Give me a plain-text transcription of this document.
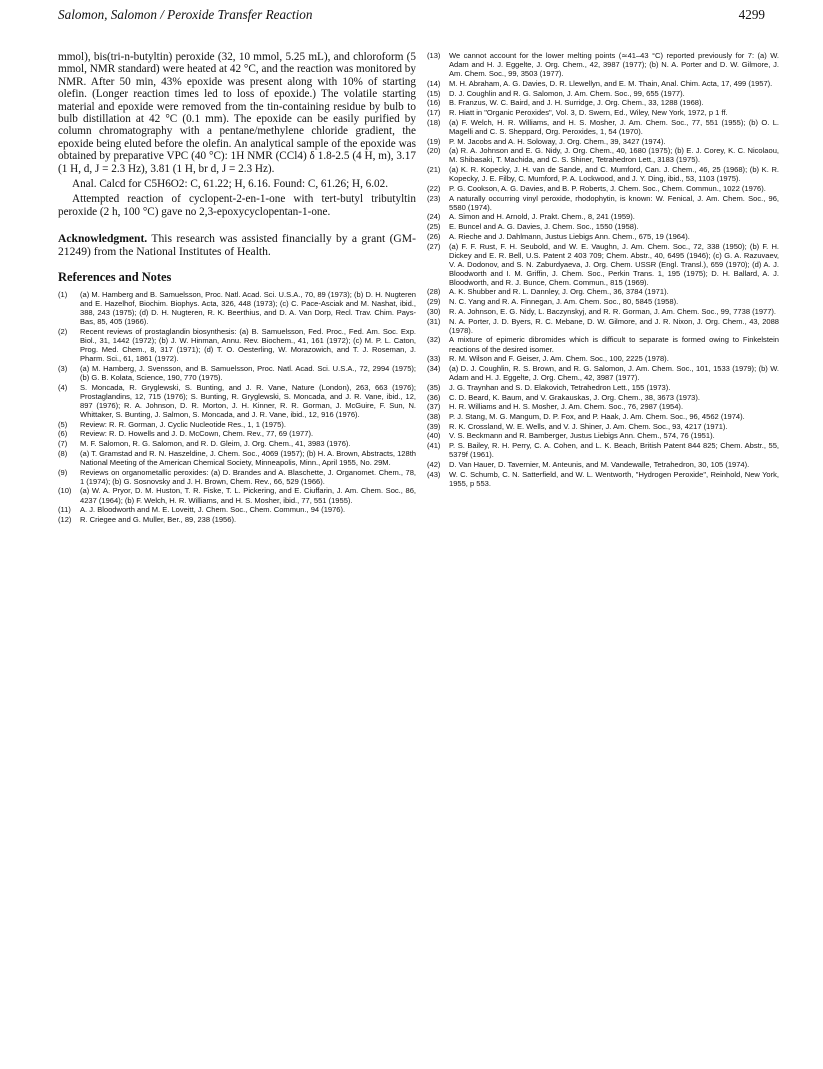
Salomon, Salomon / Peroxide Transfer Reaction	4299

mmol), bis(tri-n-butyltin) peroxide (32, 10 mmol, 5.25 mL), and chloroform (5 mmol, NMR standard) were heated at 42 °C, and the reaction was monitored by NMR. After 50 min, 43% epoxide was present along with 10% of starting olefin. (Longer reaction times led to loss of epoxide.) The volatile starting material and epoxide were removed from the tin-containing residue by bulb to bulb distillation at 42 °C (0.1 mm). The epoxide can be easily purified by column chromatography with a pentane/methylene chloride gradient, the epoxide being eluted before the olefin. An analytical sample of the epoxide was obtained by preparative VPC (40 °C): 1H NMR (CCl4) δ 1.8-2.5 (4 H, m), 3.17 (1 H, d, J = 2.3 Hz), 3.81 (1 H, br d, J = 2.3 Hz).

Anal. Calcd for C5H6O2: C, 61.22; H, 6.16. Found: C, 61.26; H, 6.02.

Attempted reaction of cyclopent-2-en-1-one with tert-butyl tributyltin peroxide (2 h, 100 °C) gave no 2,3-epoxycyclopentan-1-one.

Acknowledgment. This research was assisted financially by a grant (GM-21249) from the National Institutes of Health.

References and Notes
(1)	(a) M. Hamberg and B. Samuelsson, Proc. Natl. Acad. Sci. U.S.A., 70, 89 (1973); (b) D. H. Nugteren and E. Hazelhof, Biochim. Biophys. Acta, 326, 448 (1973); (c) C. Pace-Asciak and M. Nashat, ibid., 388, 243 (1975); (d) D. H. Nugteren, R. K. Beerthius, and D. A. Van Dorp, Recl. Trav. Chim. Pays-Bas, 85, 405 (1966).
(2)	Recent reviews of prostaglandin biosynthesis: (a) B. Samuelsson, Fed. Proc., Fed. Am. Soc. Exp. Biol., 31, 1442 (1972); (b) J. W. Hinman, Annu. Rev. Biochem., 41, 161 (1972); (c) M. P. L. Caton, Prog. Med. Chem., 8, 317 (1971); (d) T. O. Oesterling, W. Morazowich, and T. J. Roseman, J. Pharm. Sci., 61, 1861 (1972).
(3)	(a) M. Hamberg, J. Svensson, and B. Samuelsson, Proc. Natl. Acad. Sci. U.S.A., 72, 2994 (1975); (b) G. B. Kolata, Science, 190, 770 (1975).
(4)	S. Moncada, R. Gryglewski, S. Bunting, and J. R. Vane, Nature (London), 263, 663 (1976); Prostaglandins, 12, 715 (1976); S. Bunting, R. Gryglewski, S. Moncada, and J. R. Vane, ibid., 12, 897 (1976); R. A. Johnson, D. R. Morton, J. H. Kinner, R. R. Gorman, J. McGuire, F. Sun, N. Whittaker, S. Bunting, J. Salmon, S. Moncada, and J. R. Vane, ibid., 12, 916 (1976).
(5)	Review: R. R. Gorman, J. Cyclic Nucleotide Res., 1, 1 (1975).
(6)	Review: R. D. Howells and J. D. McCown, Chem. Rev., 77, 69 (1977).
(7)	M. F. Salomon, R. G. Salomon, and R. D. Gleim, J. Org. Chem., 41, 3983 (1976).
(8)	(a) T. Gramstad and R. N. Haszeldine, J. Chem. Soc., 4069 (1957); (b) H. A. Brown, Abstracts, 128th National Meeting of the American Chemical Society, Minneapolis, Minn., April 1955, No. 29M.
(9)	Reviews on organometallic peroxides: (a) D. Brandes and A. Blaschette, J. Organomet. Chem., 78, 1 (1974); (b) G. Sosnovsky and J. H. Brown, Chem. Rev., 66, 529 (1966).
(10)	(a) W. A. Pryor, D. M. Huston, T. R. Fiske, T. L. Pickering, and E. Ciuffarin, J. Am. Chem. Soc., 86, 4237 (1964); (b) F. Welch, H. R. Williams, and H. S. Mosher, ibid., 77, 551 (1955).
(11)	A. J. Bloodworth and M. E. Loveitt, J. Chem. Soc., Chem. Commun., 94 (1976).
(12)	R. Criegee and G. Muller, Ber., 89, 238 (1956).
(13)	We cannot account for the lower melting points (≃41–43 °C) reported previously for 7: (a) W. Adam and H. J. Eggelte, J. Org. Chem., 42, 3987 (1977); (b) N. A. Porter and D. W. Gilmore, J. Am. Chem. Soc., 99, 3503 (1977).
(14)	M. H. Abraham, A. G. Davies, D. R. Llewellyn, and E. M. Thain, Anal. Chim. Acta, 17, 499 (1957).
(15)	D. J. Coughlin and R. G. Salomon, J. Am. Chem. Soc., 99, 655 (1977).
(16)	B. Franzus, W. C. Baird, and J. H. Surridge, J. Org. Chem., 33, 1288 (1968).
(17)	R. Hiatt in "Organic Peroxides", Vol. 3, D. Swern, Ed., Wiley, New York, 1972, p 1 ff.
(18)	(a) F. Welch, H. R. Williams, and H. S. Mosher, J. Am. Chem. Soc., 77, 551 (1955); (b) O. L. Magelli and C. S. Sheppard, Org. Peroxides, 1, 54 (1970).
(19)	P. M. Jacobs and A. H. Soloway, J. Org. Chem., 39, 3427 (1974).
(20)	(a) R. A. Johnson and E. G. Nidy, J. Org. Chem., 40, 1680 (1975); (b) E. J. Corey, K. C. Nicolaou, M. Shibasaki, T. Machida, and C. S. Shiner, Tetrahedron Lett., 3183 (1975).
(21)	(a) K. R. Kopecky, J. H. van de Sande, and C. Mumford, Can. J. Chem., 46, 25 (1968); (b) K. R. Kopecky, J. E. Filby, C. Mumford, P. A. Lockwood, and J. Y. Ding, ibid., 53, 1103 (1975).
(22)	P. G. Cookson, A. G. Davies, and B. P. Roberts, J. Chem. Soc., Chem. Commun., 1022 (1976).
(23)	A naturally occurring vinyl peroxide, rhodophytin, is known: W. Fenical, J. Am. Chem. Soc., 96, 5580 (1974).
(24)	A. Simon and H. Arnold, J. Prakt. Chem., 8, 241 (1959).
(25)	E. Buncel and A. G. Davies, J. Chem. Soc., 1550 (1958).
(26)	A. Rieche and J. Dahlmann, Justus Liebigs Ann. Chem., 675, 19 (1964).
(27)	(a) F. F. Rust, F. H. Seubold, and W. E. Vaughn, J. Am. Chem. Soc., 72, 338 (1950); (b) F. H. Dickey and E. R. Bell, U.S. Patent 2 403 709; Chem. Abstr., 40, 6495 (1946); (c) G. A. Razuvaev, V. A. Dodonov, and S. N. Zaburdyaeva, J. Org. Chem. USSR (Engl. Transl.), 659 (1970); (d) A. J. Bloodworth and I. M. Griffin, J. Chem. Soc., Perkin Trans. 1, 195 (1975); D. H. Ballard, A. J. Bloodworth, and R. J. Bunce, Chem. Commun., 815 (1969).
(28)	A. K. Shubber and R. L. Dannley, J. Org. Chem., 36, 3784 (1971).
(29)	N. C. Yang and R. A. Finnegan, J. Am. Chem. Soc., 80, 5845 (1958).
(30)	R. A. Johnson, E. G. Nidy, L. Baczynskyj, and R. R. Gorman, J. Am. Chem. Soc., 99, 7738 (1977).
(31)	N. A. Porter, J. D. Byers, R. C. Mebane, D. W. Gilmore, and J. R. Nixon, J. Org. Chem., 43, 2088 (1978).
(32)	A mixture of epimeric dibromides which is difficult to separate is formed owing to Finkelstein reactions of the desired isomer.
(33)	R. M. Wilson and F. Geiser, J. Am. Chem. Soc., 100, 2225 (1978).
(34)	(a) D. J. Coughlin, R. S. Brown, and R. G. Salomon, J. Am. Chem. Soc., 101, 1533 (1979); (b) W. Adam and H. J. Eggelte, J. Org. Chem., 42, 3987 (1977).
(35)	J. G. Traynhan and S. D. Elakovich, Tetrahedron Lett., 155 (1973).
(36)	C. D. Beard, K. Baum, and V. Grakauskas, J. Org. Chem., 38, 3673 (1973).
(37)	H. R. Williams and H. S. Mosher, J. Am. Chem. Soc., 76, 2987 (1954).
(38)	P. J. Stang, M. G. Mangum, D. P. Fox, and P. Haak, J. Am. Chem. Soc., 96, 4562 (1974).
(39)	R. K. Crossland, W. E. Wells, and V. J. Shiner, J. Am. Chem. Soc., 93, 4217 (1971).
(40)	V. S. Beckmann and R. Bamberger, Justus Liebigs Ann. Chem., 574, 76 (1951).
(41)	P. S. Bailey, R. H. Perry, C. A. Cohen, and L. K. Beach, British Patent 844 825; Chem. Abstr., 55, 5379f (1961).
(42)	D. Van Hauer, D. Tavernier, M. Anteunis, and M. Vandewalle, Tetrahedron, 30, 105 (1974).
(43)	W. C. Schumb, C. N. Satterfield, and W. L. Wentworth, "Hydrogen Peroxide", Reinhold, New York, 1955, p 553.
